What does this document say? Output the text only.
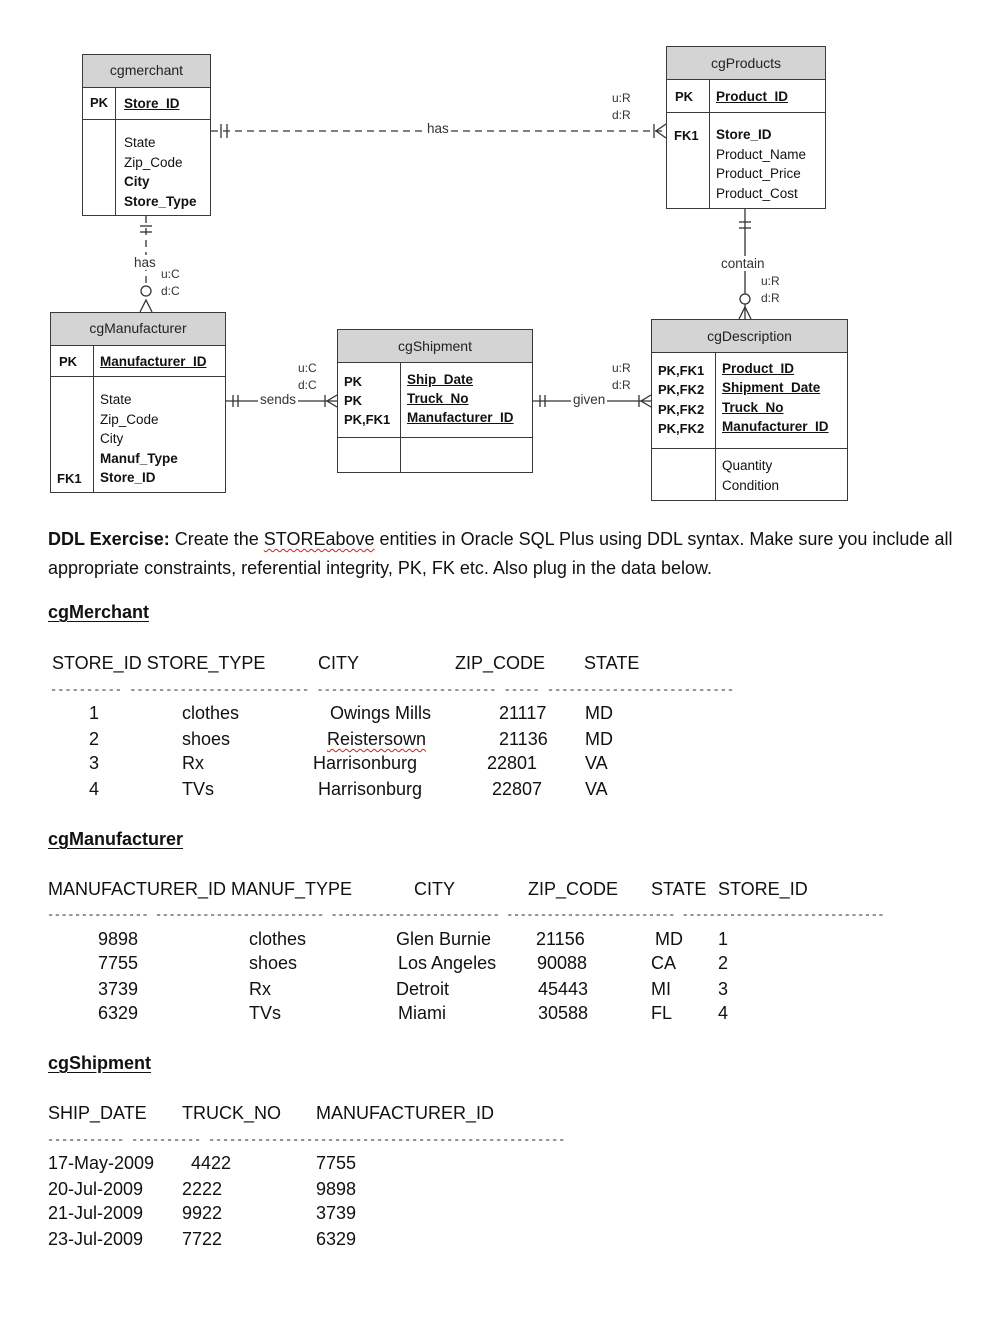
has
u:R
d:R
has
u:C
d:C
contain
u:R
d:R
sends
u:C
d:C
given
u:R
d:R
cgmerchant
PK Store_ID
State
Zip_Code
City
Store_Type
cgProducts
PK Product_ID
FK1 Store_ID
Product_Name
Product_Price
Product_Cost
cgManufacturer
PK Manufacturer_ID
FK1
State
Zip_Code
City
Manuf_Type
Store_ID
cgShipment
PK
PK
PK,FK1
Ship_Date
Truck_No
Manufacturer_ID
cgDescription
PK,FK1
PK,FK2
PK,FK2
PK,FK2
Product_ID
Shipment_Date
Truck_No
Manufacturer_ID
Quantity
Condition
DDL Exercise: Create the STOREabove entities in Oracle SQL Plus using DDL syntax. Make sure you include all appropriate constraints, referential integrity, PK, FK etc. Also plug in the data below.
cgMerchant
STORE_ID STORE_TYPE	CITY	ZIP_CODE STATE
---------- ------------------------- ------------------------- ----- --------------------------
1	clothes	Owings Mills	21117 MD
2	shoes	Reistersown	21136 MD
3	Rx	Harrisonburg	22801	VA
4	TVs	Harrisonburg	22807 VA
cgManufacturer
MANUFACTURER_ID MANUF_TYPE	CITY	ZIP_CODE STATE STORE_ID
--------------- ------------------------- ------------------------- ------------------------- ------------------------------
9898	clothes	Glen Burnie 21156	MD 1
7755	shoes	Los Angeles 90088	CA 2
3739	Rx	Detroit	45443	MI	3
6329	TVs	Miami	30588	FL	4
cgShipment
SHIP_DATE TRUCK_NO MANUFACTURER_ID
----------- ---------- ---------------------------------------------------
17-May-2009 4422	7755
20-Jul-2009 2222	9898
21-Jul-2009 9922	3739
23-Jul-2009 7722	6329
